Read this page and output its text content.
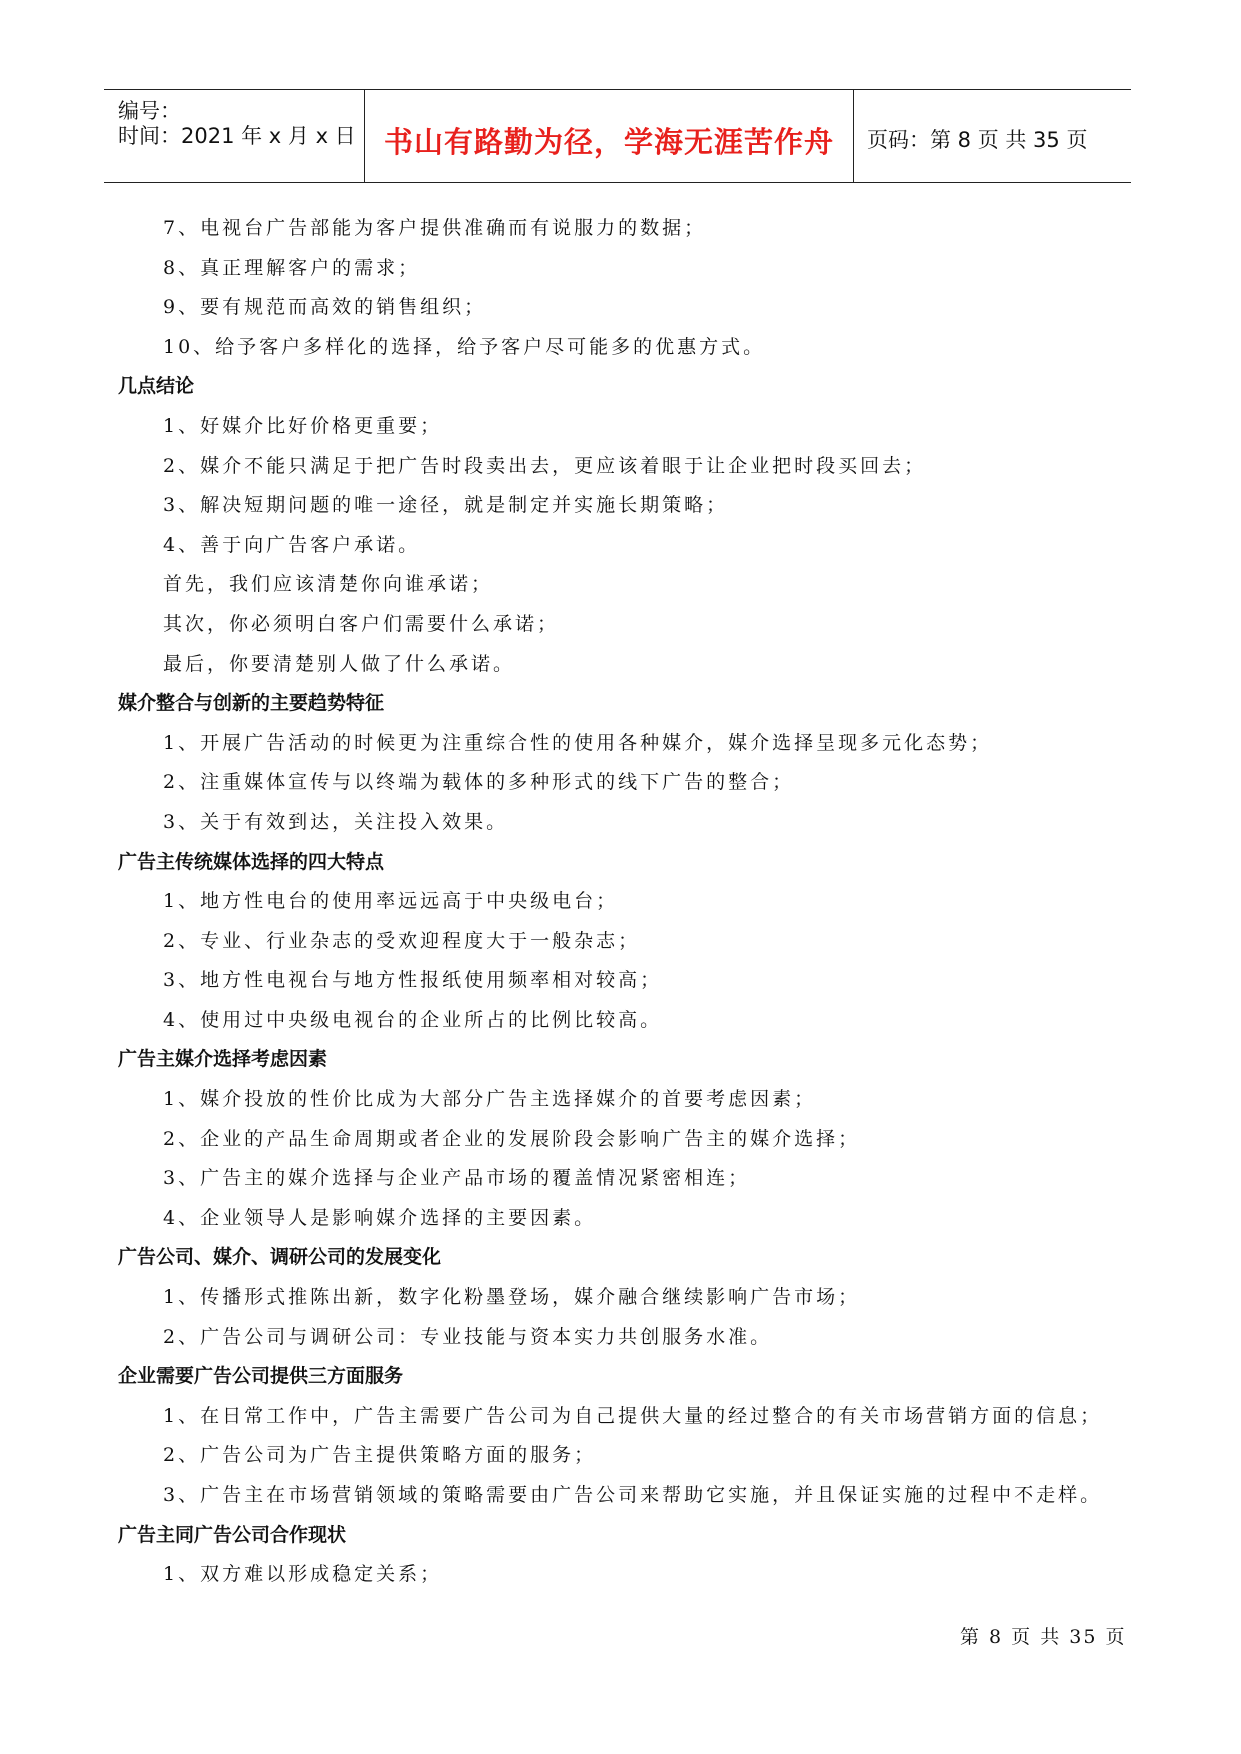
编号：
时间：2021 年 x 月 x 日 书山有路勤为径，学海无涯苦作舟	页码：第 8 页 共 35 页
7、电视台广告部能为客户提供准确而有说服力的数据；
8、真正理解客户的需求；
9、要有规范而高效的销售组织；
10、给予客户多样化的选择，给予客户尽可能多的优惠方式。
几点结论
1、好媒介比好价格更重要；
2、媒介不能只满足于把广告时段卖出去，更应该着眼于让企业把时段买回去；
3、解决短期问题的唯一途径，就是制定并实施长期策略；
4、善于向广告客户承诺。
首先，我们应该清楚你向谁承诺；
其次，你必须明白客户们需要什么承诺；
最后，你要清楚别人做了什么承诺。
媒介整合与创新的主要趋势特征
1、开展广告活动的时候更为注重综合性的使用各种媒介，媒介选择呈现多元化态势；
2、注重媒体宣传与以终端为载体的多种形式的线下广告的整合；
3、关于有效到达，关注投入效果。
广告主传统媒体选择的四大特点
1、地方性电台的使用率远远高于中央级电台；
2、专业、行业杂志的受欢迎程度大于一般杂志；
3、地方性电视台与地方性报纸使用频率相对较高；
4、使用过中央级电视台的企业所占的比例比较高。
广告主媒介选择考虑因素
1、媒介投放的性价比成为大部分广告主选择媒介的首要考虑因素；
2、企业的产品生命周期或者企业的发展阶段会影响广告主的媒介选择；
3、广告主的媒介选择与企业产品市场的覆盖情况紧密相连；
4、企业领导人是影响媒介选择的主要因素。
广告公司、媒介、调研公司的发展变化
1、传播形式推陈出新，数字化粉墨登场，媒介融合继续影响广告市场；
2、广告公司与调研公司：专业技能与资本实力共创服务水准。
企业需要广告公司提供三方面服务
1、在日常工作中，广告主需要广告公司为自己提供大量的经过整合的有关市场营销方面的信息；
2、广告公司为广告主提供策略方面的服务；
3、广告主在市场营销领域的策略需要由广告公司来帮助它实施，并且保证实施的过程中不走样。
广告主同广告公司合作现状
1、双方难以形成稳定关系；
第 8 页 共 35 页
